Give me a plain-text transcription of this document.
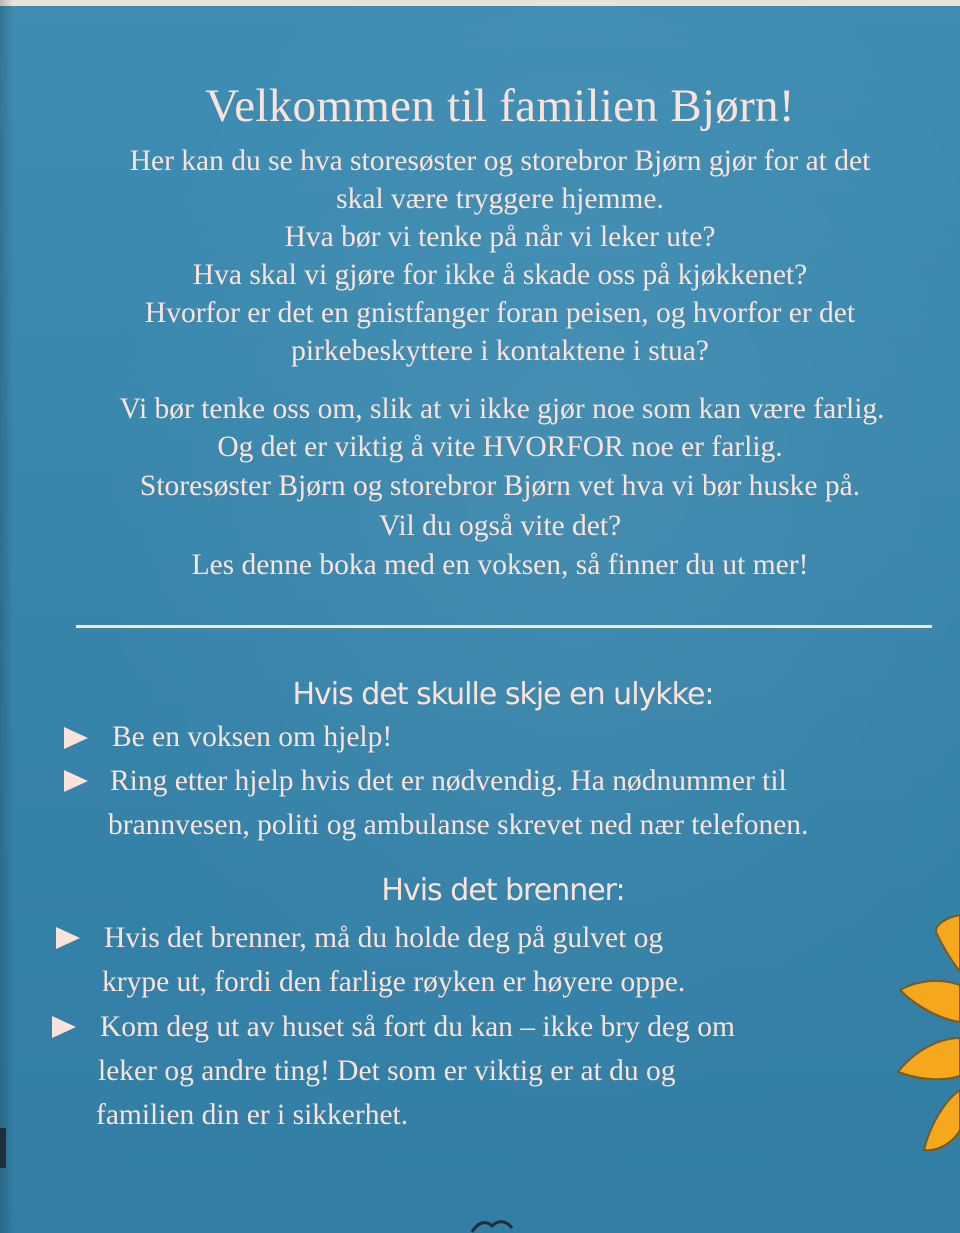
Velkommen til familien Bjørn!
Her kan du se hva storesøster og storebror Bjørn gjør for at det
skal være tryggere hjemme.
Hva bør vi tenke på når vi leker ute?
Hva skal vi gjøre for ikke å skade oss på kjøkkenet?
Hvorfor er det en gnistfanger foran peisen, og hvorfor er det
pirkebeskyttere i kontaktene i stua?
Vi bør tenke oss om, slik at vi ikke gjør noe som kan være farlig.
Og det er viktig å vite HVORFOR noe er farlig.
Storesøster Bjørn og storebror Bjørn vet hva vi bør huske på.
Vil du også vite det?
Les denne boka med en voksen, så finner du ut mer!
Hvis det skulle skje en ulykke:
Be en voksen om hjelp!
Ring etter hjelp hvis det er nødvendig. Ha nødnummer til
brannvesen, politi og ambulanse skrevet ned nær telefonen.
Hvis det brenner:
Hvis det brenner, må du holde deg på gulvet og
krype ut, fordi den farlige røyken er høyere oppe.
Kom deg ut av huset så fort du kan – ikke bry deg om
leker og andre ting! Det som er viktig er at du og
familien din er i sikkerhet.
